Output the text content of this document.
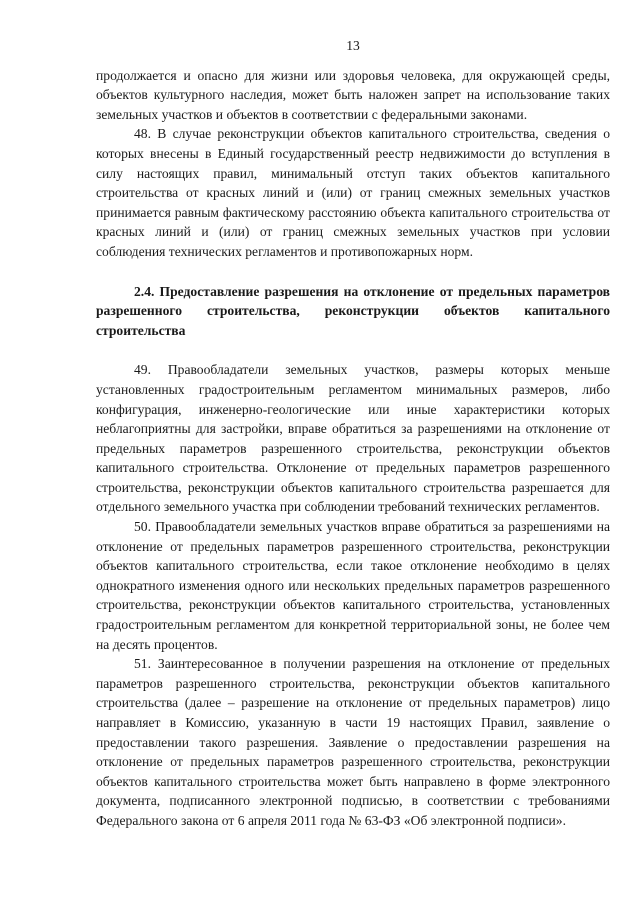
13

продолжается и опасно для жизни или здоровья человека, для окружающей среды, объектов культурного наследия, может быть наложен запрет на использование таких земельных участков и объектов в соответствии с федеральными законами.

48. В случае реконструкции объектов капитального строительства, сведения о которых внесены в Единый государственный реестр недвижимости до вступления в силу настоящих правил, минимальный отступ таких объектов капитального строительства от красных линий и (или) от границ смежных земельных участков принимается равным фактическому расстоянию объекта капитального строительства от красных линий и (или) от границ смежных земельных участков при условии соблюдения технических регламентов и противопожарных норм.

2.4. Предоставление разрешения на отклонение от предельных параметров разрешенного строительства, реконструкции объектов капитального строительства

49. Правообладатели земельных участков, размеры которых меньше установленных градостроительным регламентом минимальных размеров, либо конфигурация, инженерно-геологические или иные характеристики которых неблагоприятны для застройки, вправе обратиться за разрешениями на отклонение от предельных параметров разрешенного строительства, реконструкции объектов капитального строительства. Отклонение от предельных параметров разрешенного строительства, реконструкции объектов капитального строительства разрешается для отдельного земельного участка при соблюдении требований технических регламентов.

50. Правообладатели земельных участков вправе обратиться за разрешениями на отклонение от предельных параметров разрешенного строительства, реконструкции объектов капитального строительства, если такое отклонение необходимо в целях однократного изменения одного или нескольких предельных параметров разрешенного строительства, реконструкции объектов капитального строительства, установленных градостроительным регламентом для конкретной территориальной зоны, не более чем на десять процентов.

51. Заинтересованное в получении разрешения на отклонение от предельных параметров разрешенного строительства, реконструкции объектов капитального строительства (далее – разрешение на отклонение от предельных параметров) лицо направляет в Комиссию, указанную в части 19 настоящих Правил, заявление о предоставлении такого разрешения. Заявление о предоставлении разрешения на отклонение от предельных параметров разрешенного строительства, реконструкции объектов капитального строительства может быть направлено в форме электронного документа, подписанного электронной подписью, в соответствии с требованиями Федерального закона от 6 апреля 2011 года № 63-ФЗ «Об электронной подписи».
